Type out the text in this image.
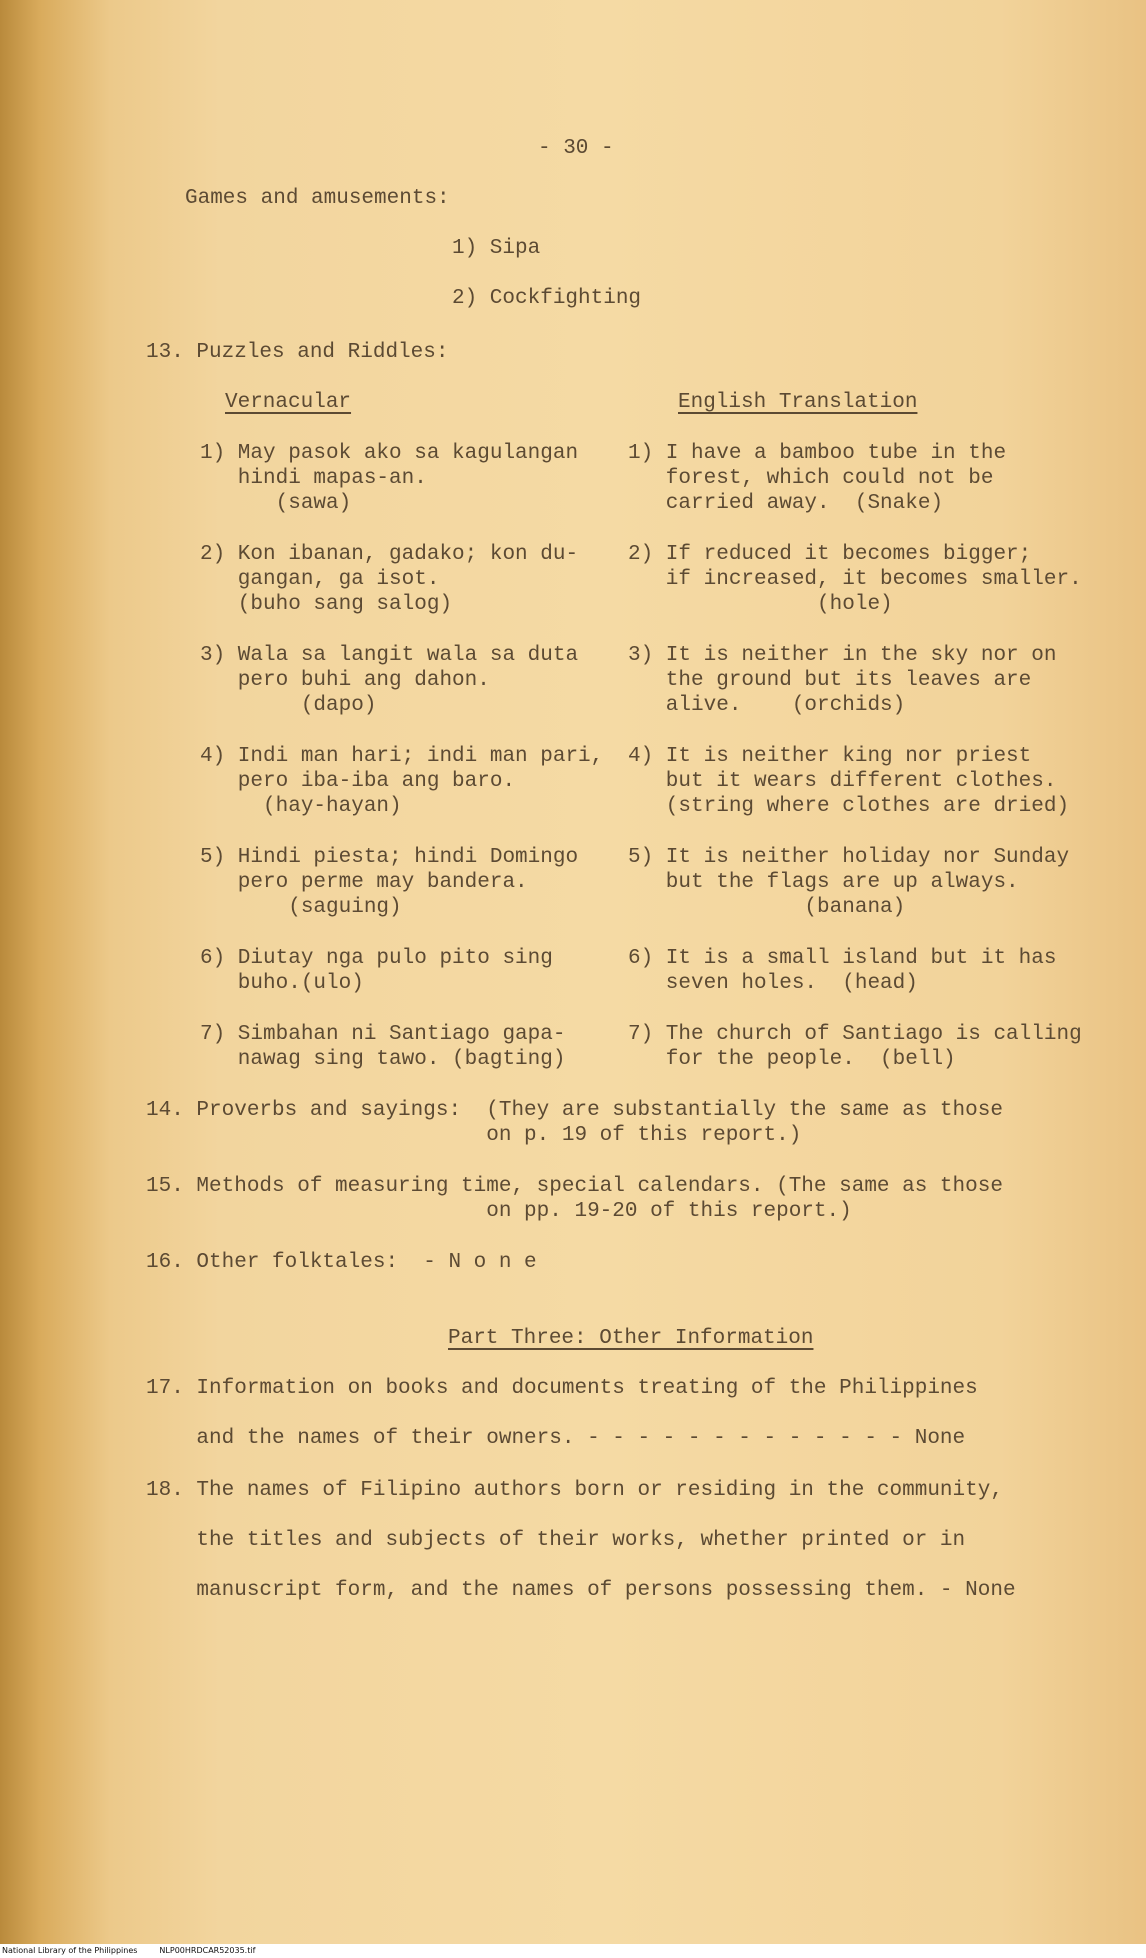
- 30 -
Games and amusements:
1) Sipa
2) Cockfighting
13. Puzzles and Riddles:
Vernacular	English Translation
1) May pasok ako sa kagulangan
hindi mapas-an.
(sawa)
1) I have a bamboo tube in the
forest, which could not be
carried away.  (Snake)
2) Kon ibanan, gadako; kon du-
gangan, ga isot.
(buho sang salog)
2) If reduced it becomes bigger;
if increased, it becomes smaller.
(hole)
3) Wala sa langit wala sa duta
pero buhi ang dahon.
(dapo)
3) It is neither in the sky nor on
the ground but its leaves are
alive.    (orchids)
4) Indi man hari; indi man pari,
pero iba-iba ang baro.
(hay-hayan)
4) It is neither king nor priest
but it wears different clothes.
(string where clothes are dried)
5) Hindi piesta; hindi Domingo
pero perme may bandera.
(saguing)
5) It is neither holiday nor Sunday
but the flags are up always.
(banana)
6) Diutay nga pulo pito sing
buho.(ulo)
6) It is a small island but it has
seven holes.  (head)
7) Simbahan ni Santiago gapa-
nawag sing tawo. (bagting)
7) The church of Santiago is calling
for the people.  (bell)
14. Proverbs and sayings:  (They are substantially the same as those
on p. 19 of this report.)
15. Methods of measuring time, special calendars. (The same as those
on pp. 19-20 of this report.)
16. Other folktales:  - N o n e
Part Three: Other Information
17. Information on books and documents treating of the Philippines
and the names of their owners. - - - - - - - - - - - - - None
18. The names of Filipino authors born or residing in the community,
the titles and subjects of their works, whether printed or in
manuscript form, and the names of persons possessing them. - None
National Library of the Philippines	NLP00HRDCAR52035.tif
